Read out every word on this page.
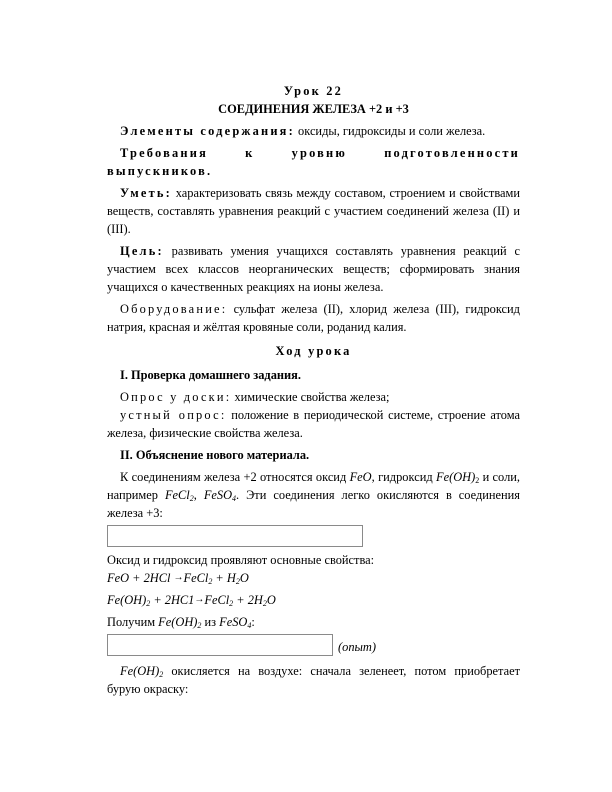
Урок 22
СОЕДИНЕНИЯ ЖЕЛЕЗА +2 и +3

Элементы содержания: оксиды, гидроксиды и соли железа.

Требования	к	уровню	подготовленности

выпускников.

Уметь: характеризовать связь между составом, строением и свойствами веществ, составлять уравнения реакций с участием соединений железа (II) и (III).

Цель: развивать умения учащихся составлять уравнения реакций с участием всех классов неорганических веществ; сформировать знания учащихся о качественных реакциях на ионы железа.

Оборудование: сульфат железа (II), хлорид железа (III), гидроксид натрия, красная и жёлтая кровяные соли, роданид калия.

Ход урока

I. Проверка домашнего задания.

Опрос у доски: химические свойства железа;

устный опрос: положение в периодической системе, строение атома железа, физические свойства железа.

II. Объяснение нового материала.

К соединениям железа +2 относятся оксид FeO, гидроксид $Fe(OH)_2$ и соли, например FeCl$_2$, FeSO$_4$. Эти соединения легко окисляются в соединения железа +3:

Оксид и гидроксид проявляют основные свойства:

FeO + 2HCl →FeCl$_2$ + $H_2O$

$Fe(OH)_2$ + 2HC1→FeCl$_2$ + $2H_2O$

Получим $Fe(OH)_2$ из FeSO$_4$:

(опыт)

$Fe(OH)_2$ окисляется на воздухе: сначала зеленеет, потом приобретает бурую окраску:
